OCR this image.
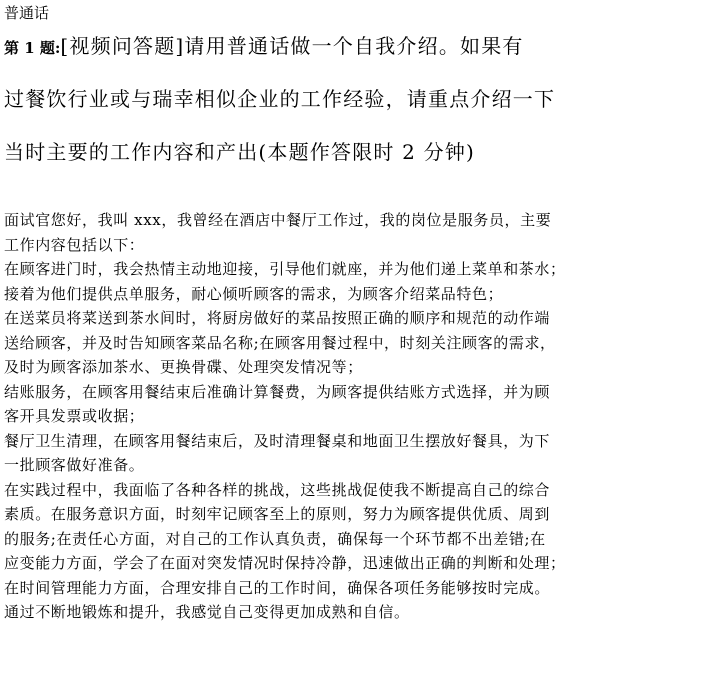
普通话
第 1 题:[视频问答题]请用普通话做一个自我介绍。如果有
过餐饮行业或与瑞幸相似企业的工作经验，请重点介绍一下
当时主要的工作内容和产出(本题作答限时 2 分钟)
面试官您好，我叫 xxx，我曾经在酒店中餐厅工作过，我的岗位是服务员，主要
工作内容包括以下：
在顾客进门时，我会热情主动地迎接，引导他们就座，并为他们递上菜单和茶水；
接着为他们提供点单服务，耐心倾听顾客的需求，为顾客介绍菜品特色；
在送菜员将菜送到茶水间时，将厨房做好的菜品按照正确的顺序和规范的动作端
送给顾客，并及时告知顾客菜品名称;在顾客用餐过程中，时刻关注顾客的需求，
及时为顾客添加茶水、更换骨碟、处理突发情况等；
结账服务，在顾客用餐结束后准确计算餐费，为顾客提供结账方式选择，并为顾
客开具发票或收据；
餐厅卫生清理，在顾客用餐结束后，及时清理餐桌和地面卫生摆放好餐具，为下
一批顾客做好准备。
在实践过程中，我面临了各种各样的挑战，这些挑战促使我不断提高自己的综合
素质。在服务意识方面，时刻牢记顾客至上的原则，努力为顾客提供优质、周到
的服务;在责任心方面，对自己的工作认真负责，确保每一个环节都不出差错;在
应变能力方面，学会了在面对突发情况时保持冷静，迅速做出正确的判断和处理；
在时间管理能力方面，合理安排自己的工作时间，确保各项任务能够按时完成。
通过不断地锻炼和提升，我感觉自己变得更加成熟和自信。
